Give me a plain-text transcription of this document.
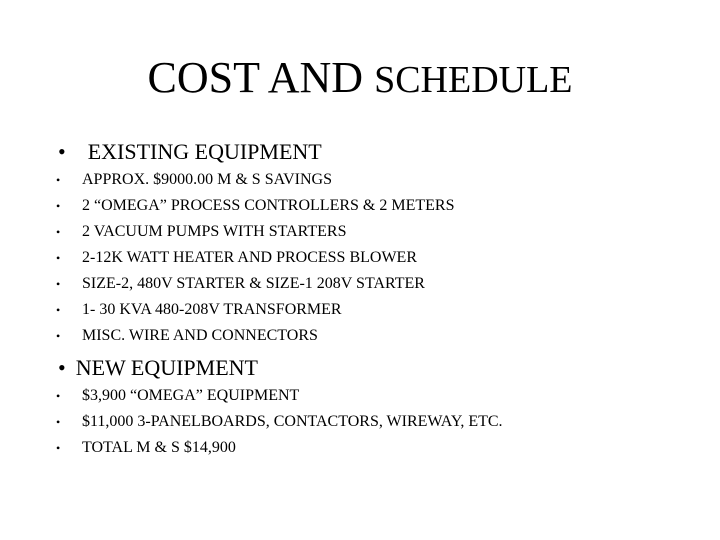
COST AND SCHEDULE
• EXISTING EQUIPMENT
• APPROX. $9000.00 M & S SAVINGS
• 2 “OMEGA” PROCESS CONTROLLERS & 2 METERS
• 2 VACUUM PUMPS WITH STARTERS
• 2-12K WATT HEATER AND PROCESS BLOWER
• SIZE-2, 480V STARTER & SIZE-1 208V STARTER
• 1- 30 KVA 480-208V TRANSFORMER
• MISC. WIRE AND CONNECTORS
• NEW EQUIPMENT
• $3,900 “OMEGA” EQUIPMENT
• $11,000 3-PANELBOARDS, CONTACTORS, WIREWAY, ETC.
• TOTAL M & S $14,900
